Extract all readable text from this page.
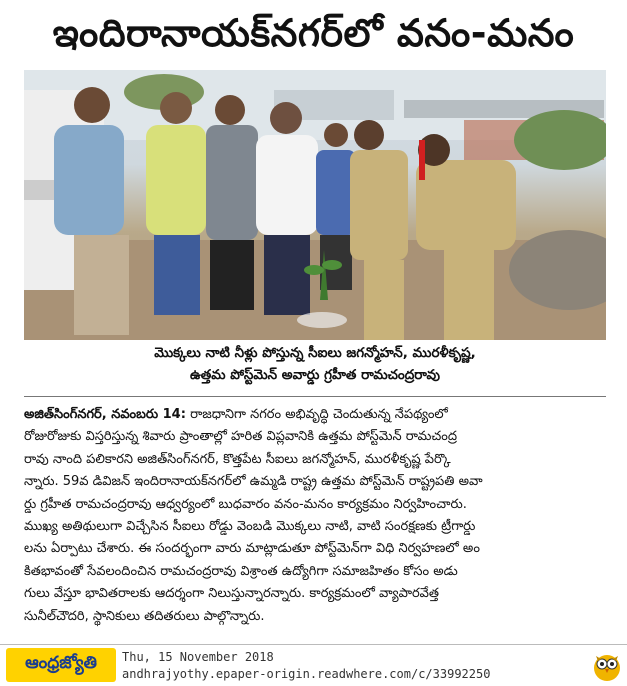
ఇందిరానాయక్‌నగర్‌లో వనం-మనం
మొక్కలు నాటి నీళ్లు పోస్తున్న సీఐలు జగన్మోహన్‌, మురళీకృష్ణ,
ఉత్తమ పోస్ట్‌మెన్‌ అవార్డు గ్రహీత రామచంద్రరావు
అజిత్‌సింగ్‌నగర్‌, నవంబరు 14: రాజధానిగా నగరం అభివృద్ధి చెందుతున్న నేపథ్యంలో
రోజురోజుకు విస్తరిస్తున్న శివారు ప్రాంతాల్లో హరిత విప్లవానికి ఉత్తమ పోస్ట్‌మెన్‌ రామచంద్ర
రావు నాంది పలికారని అజిత్‌సింగ్‌నగర్‌, కొత్తపేట సీఐలు జగన్మోహన్‌, మురళీకృష్ణ పేర్కొ
న్నారు. 59వ డివిజన్‌ ఇందిరానాయక్‌నగర్‌లో ఉమ్మడి రాష్ట్ర ఉత్తమ పోస్ట్‌మెన్‌ రాష్ట్రపతి అవా
ర్డు గ్రహీత రామచంద్రరావు ఆధ్వర్యంలో బుధవారం వనం-మనం కార్యక్రమం నిర్వహించారు.
ముఖ్య అతిథులుగా విచ్చేసిన సీఐలు రోడ్డు వెంబడి మొక్కలు నాటి, వాటి సంరక్షణకు ట్రీగార్డు
లను ఏర్పాటు చేశారు. ఈ సందర్భంగా వారు మాట్లాడుతూ పోస్ట్‌మెన్‌గా విధి నిర్వహణలో అం
కితభావంతో సేవలందించిన రామచంద్రరావు విశ్రాంత ఉద్యోగిగా సమాజహితం కోసం అడు
గులు వేస్తూ భావితరాలకు ఆదర్శంగా నిలుస్తున్నారన్నారు. కార్యక్రమంలో వ్యాపారవేత్త
సునీల్‌చౌదరి, స్థానికులు తదితరులు పాల్గొన్నారు.
ఆంధ్రజ్యోతి	Thu, 15 November 2018
andhrajyothy.epaper-origin.readwhere.com/c/33992250
